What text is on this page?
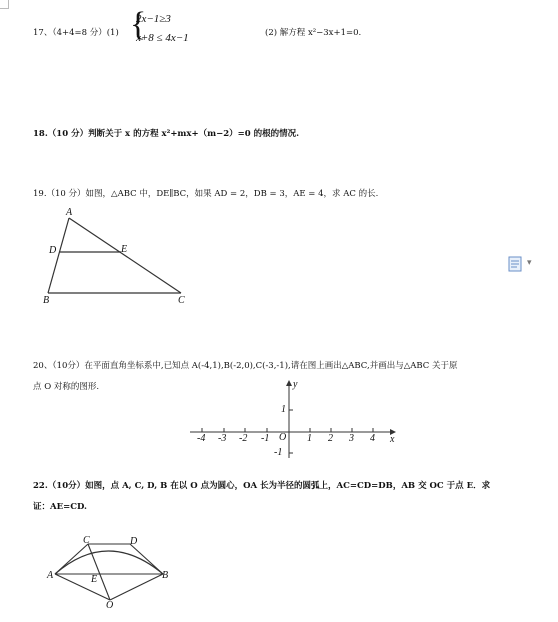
17、（4+4=8 分）(1) {
2x−1≥3
x+8 ≤ 4x−1	(2) 解方程 x²−3x+1=0.
18.（10 分）判断关于 x 的方程 x²+mx+（m−2）=0 的根的情况.
19.（10 分）如图，△ABC 中，DE∥BC，如果 AD = 2，DB = 3，AE = 4，求 AC 的长.
A
D	E
B	C
▾
20、（10分）在平面直角坐标系中,已知点 A(-4,1),B(-2,0),C(-3,-1),请在图上画出△ABC,并画出与△ABC 关于原
点 O 对称的图形.
-4 -3 -2 -1	1 2 3 4 x
y
O
1
-1
22.（10分）如图，点 A, C, D, B 在以 O 点为圆心，OA 长为半径的圆弧上，AC=CD=DB，AB 交 OC 于点 E．求
证：AE=CD.
C	D
A	E	B
O
